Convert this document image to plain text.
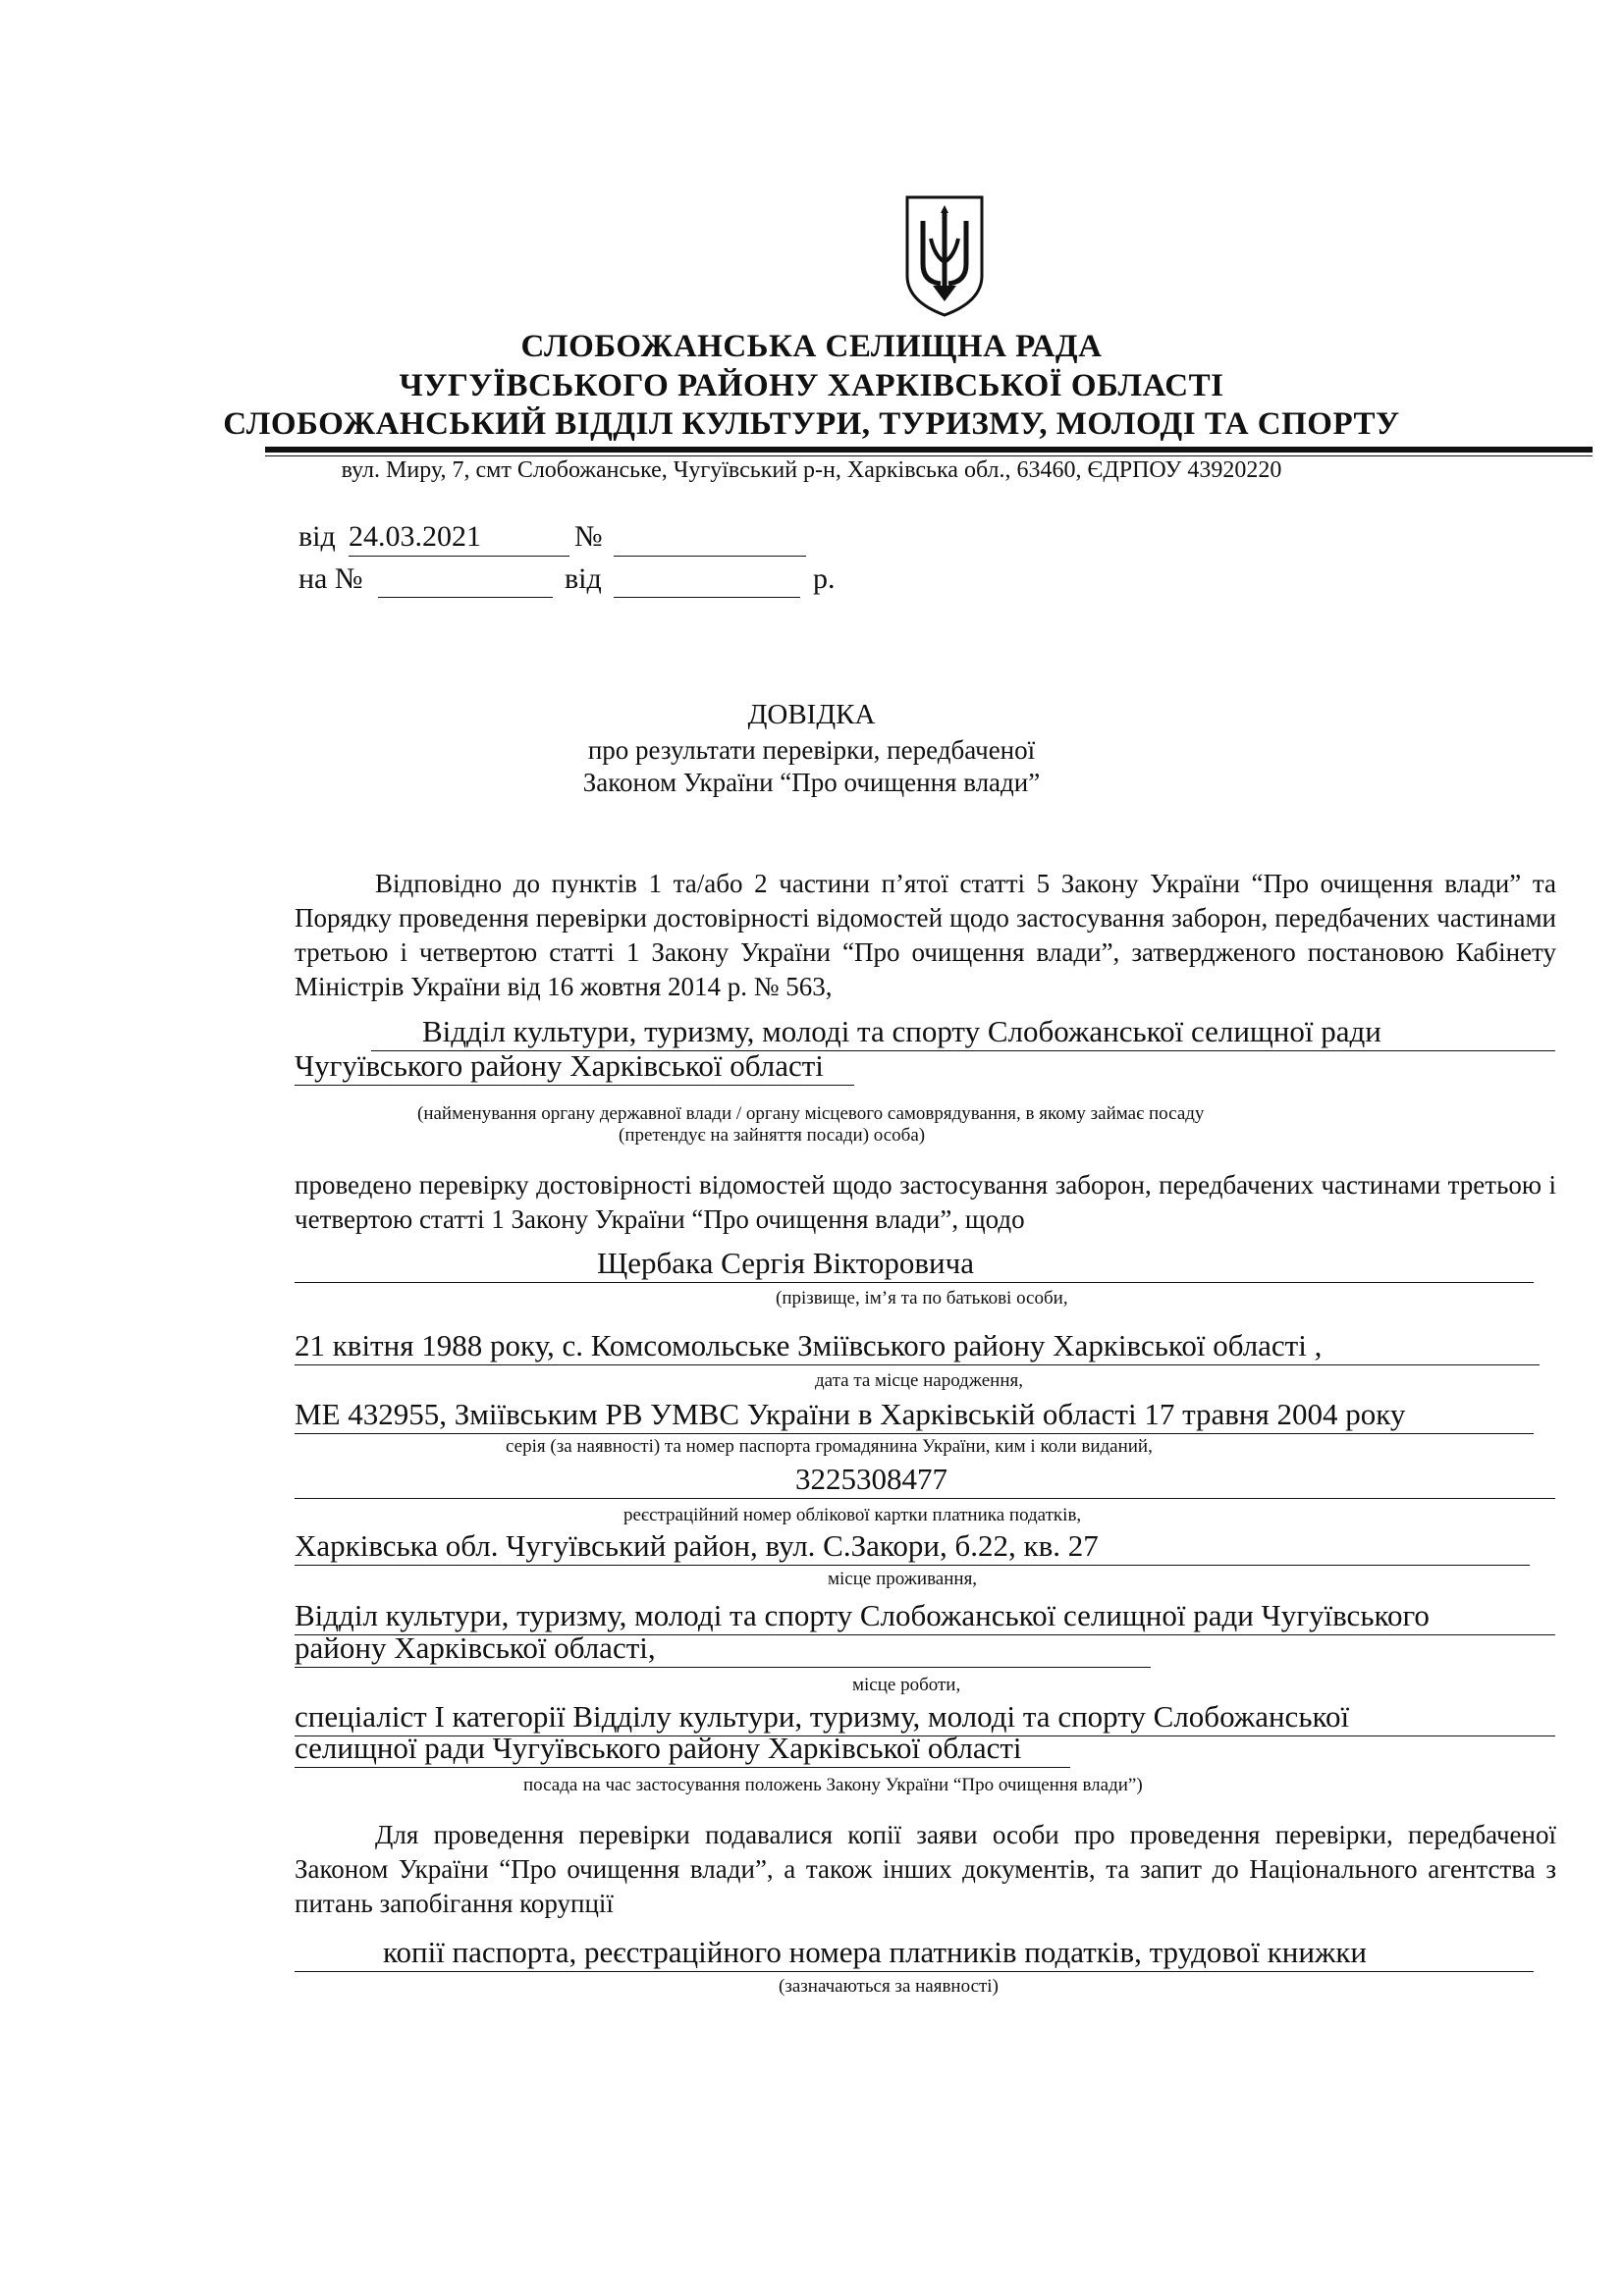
СЛОБОЖАНСЬКА СЕЛИЩНА РАДА
ЧУГУЇВСЬКОГО РАЙОНУ ХАРКІВСЬКОЇ ОБЛАСТІ
СЛОБОЖАНСЬКИЙ ВІДДІЛ КУЛЬТУРИ, ТУРИЗМУ, МОЛОДІ ТА СПОРТУ
вул. Миру, 7, смт Слобожанське, Чугуївський р-н, Харківська обл., 63460, ЄДРПОУ 43920220
від 24.03.2021	№
на №	від	р.
ДОВІДКА
про результати перевірки, передбаченої
Законом України “Про очищення влади”
Відповідно до пунктів 1 та/або 2 частини п’ятої статті 5 Закону України “Про очищення влади” та Порядку проведення перевірки достовірності відомостей щодо застосування заборон, передбачених частинами третьою і четвертою статті 1 Закону України “Про очищення влади”, затвердженого постановою Кабінету Міністрів України від 16 жовтня 2014 р. № 563,
Відділ культури, туризму, молоді та спорту Слобожанської селищної ради
Чугуївського району Харківської області
(найменування органу державної влади / органу місцевого самоврядування, в якому займає посаду
(претендує на зайняття посади) особа)
проведено перевірку достовірності відомостей щодо застосування заборон, передбачених частинами третьою і четвертою статті 1 Закону України “Про очищення влади”, щодо
Щербака Сергія Вікторовича
(прізвище, ім’я та по батькові особи,
21 квітня 1988 року, с. Комсомольське Зміївського району Харківської області ,
дата та місце народження,
МЕ 432955, Зміївським РВ УМВС України в Харківській області 17 травня 2004 року
серія (за наявності) та номер паспорта громадянина України, ким і коли виданий,
3225308477
реєстраційний номер облікової картки платника податків,
Харківська обл. Чугуївський район, вул. С.Закори, б.22, кв. 27
місце проживання,
Відділ культури, туризму, молоді та спорту Слобожанської селищної ради Чугуївського
району Харківської області,
місце роботи,
спеціаліст І категорії Відділу культури, туризму, молоді та спорту Слобожанської
селищної ради Чугуївського району Харківської області
посада на час застосування положень Закону України “Про очищення влади”)
Для проведення перевірки подавалися копії заяви особи про проведення перевірки, передбаченої Законом України “Про очищення влади”, а також інших документів, та запит до Національного агентства з питань запобігання корупції
копії паспорта, реєстраційного номера платників податків, трудової книжки
(зазначаються за наявності)
